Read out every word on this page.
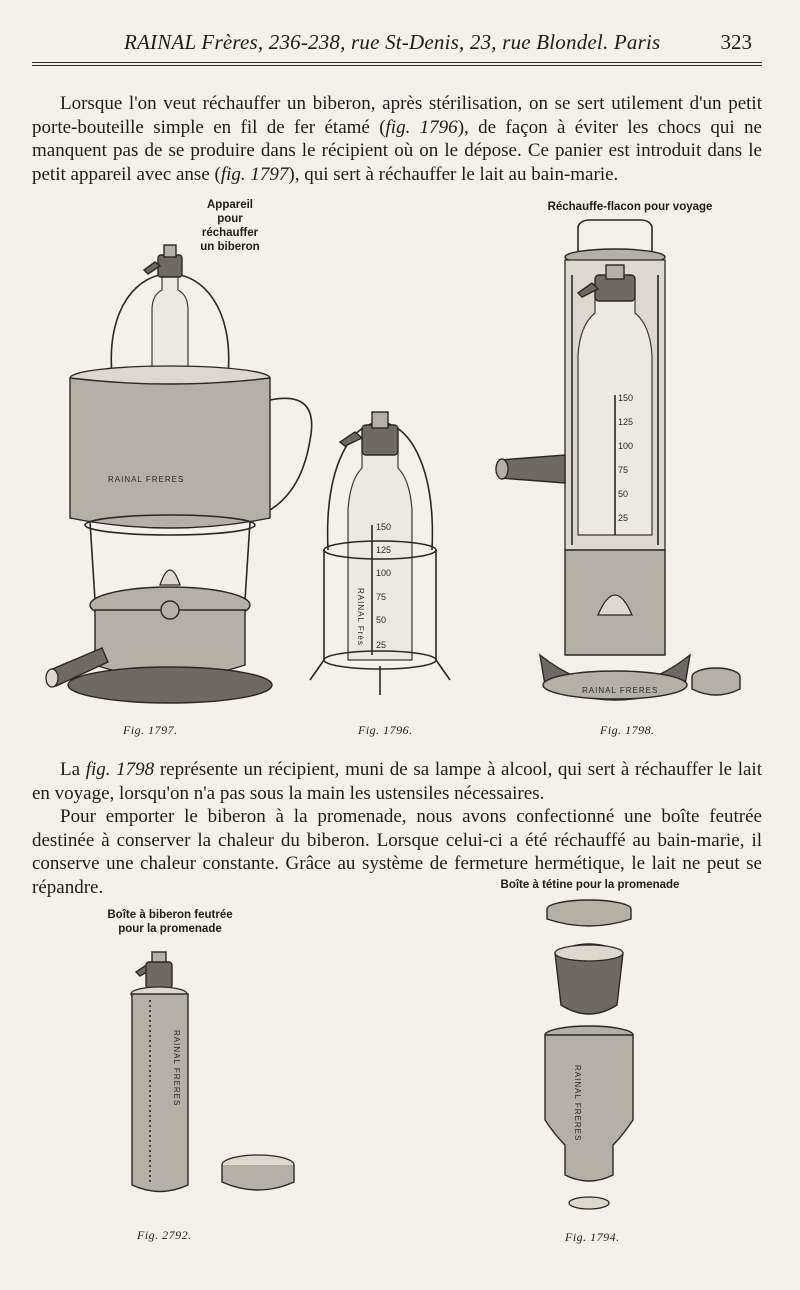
RAINAL Frères, 236-238, rue St-Denis, 23, rue Blondel. Paris	323

Lorsque l'on veut réchauffer un biberon, après stérilisation, on se sert utilement d'un petit porte-bouteille simple en fil de fer étamé (fig. 1796), de façon à éviter les chocs qui ne manquent pas de se produire dans le récipient où on le dépose. Ce panier est introduit dans le petit appareil avec anse (fig. 1797), qui sert à réchauffer le lait au bain-marie.

Appareil
pour
réchauffer
un biberon
Réchauffe-flacon pour voyage
RAINAL FRERES
RAINAL Frès
150
125
100
75
50
25
150
125
100
75
50
25
RAINAL FRERES
Fig. 1797.	Fig. 1796.	Fig. 1798.

La fig. 1798 représente un récipient, muni de sa lampe à alcool, qui sert à réchauffer le lait en voyage, lorsqu'on n'a pas sous la main les ustensiles nécessaires.

Pour emporter le biberon à la promenade, nous avons confectionné une boîte feutrée destinée à conserver la chaleur du biberon. Lorsque celui-ci a été réchauffé au bain-marie, il conserve une chaleur constante. Grâce au système de fermeture hermétique, le lait ne peut se répandre.	Boîte à tétine pour la promenade
Boîte à biberon feutrée
pour la promenade
RAINAL FRERES	RAINAL FRERES
Fig. 2792.	Fig. 1794.
